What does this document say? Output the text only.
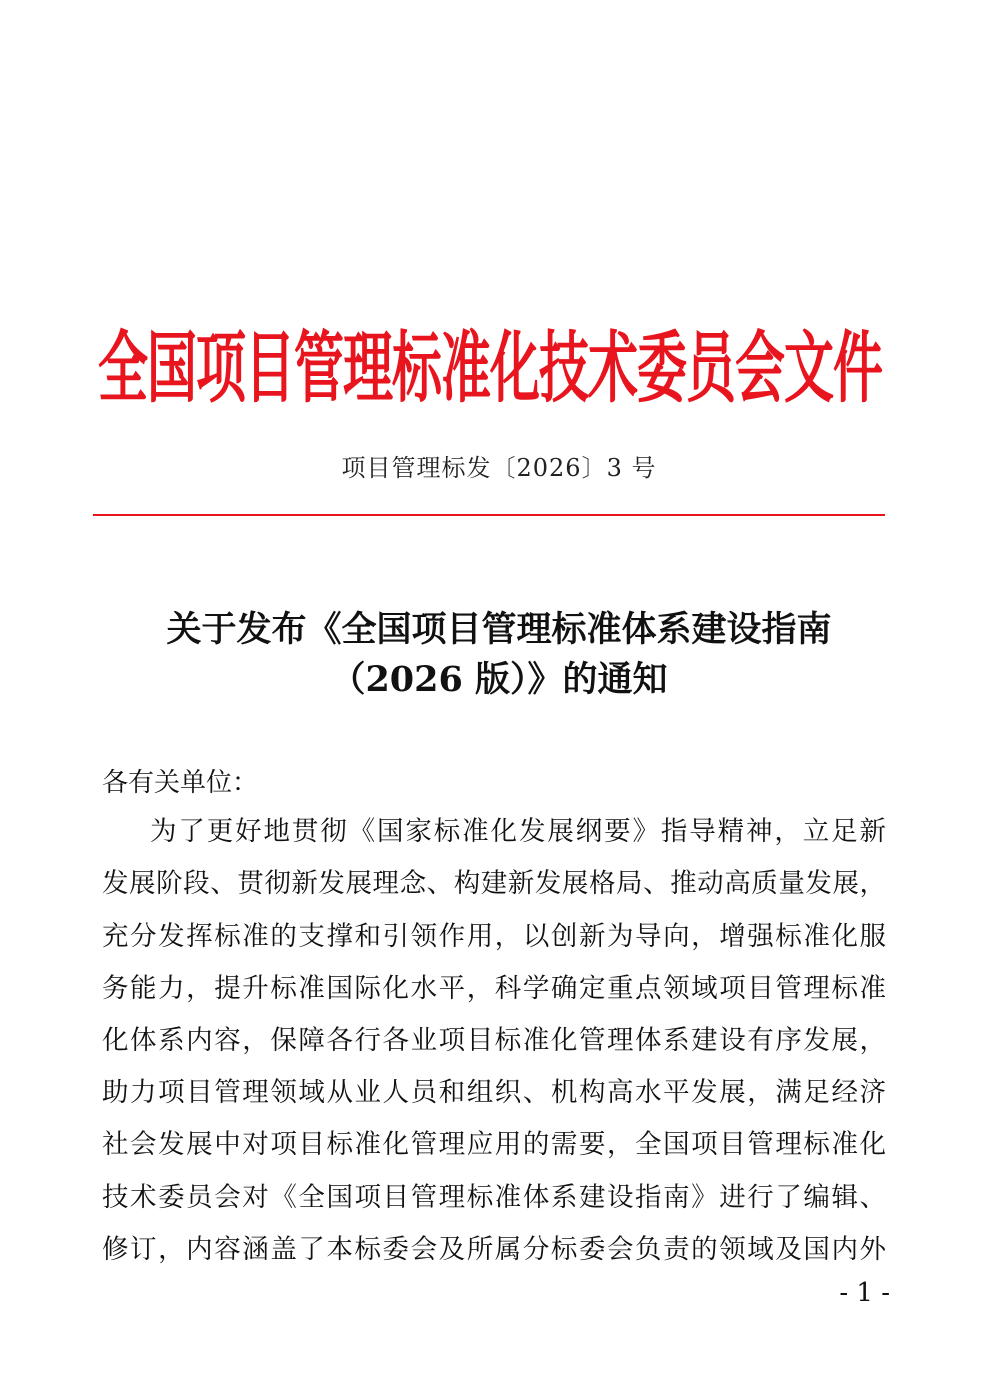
全国项目管理标准化技术委员会文件
项目管理标发〔2026〕3 号
关于发布《全国项目管理标准体系建设指南
（2026 版）》的通知
各有关单位：
为了更好地贯彻《国家标准化发展纲要》指导精神，立足新
发展阶段、贯彻新发展理念、构建新发展格局、推动高质量发展，
充分发挥标准的支撑和引领作用，以创新为导向，增强标准化服
务能力，提升标准国际化水平，科学确定重点领域项目管理标准
化体系内容，保障各行各业项目标准化管理体系建设有序发展，
助力项目管理领域从业人员和组织、机构高水平发展，满足经济
社会发展中对项目标准化管理应用的需要，全国项目管理标准化
技术委员会对《全国项目管理标准体系建设指南》进行了编辑、
修订，内容涵盖了本标委会及所属分标委会负责的领域及国内外
- 1 -
